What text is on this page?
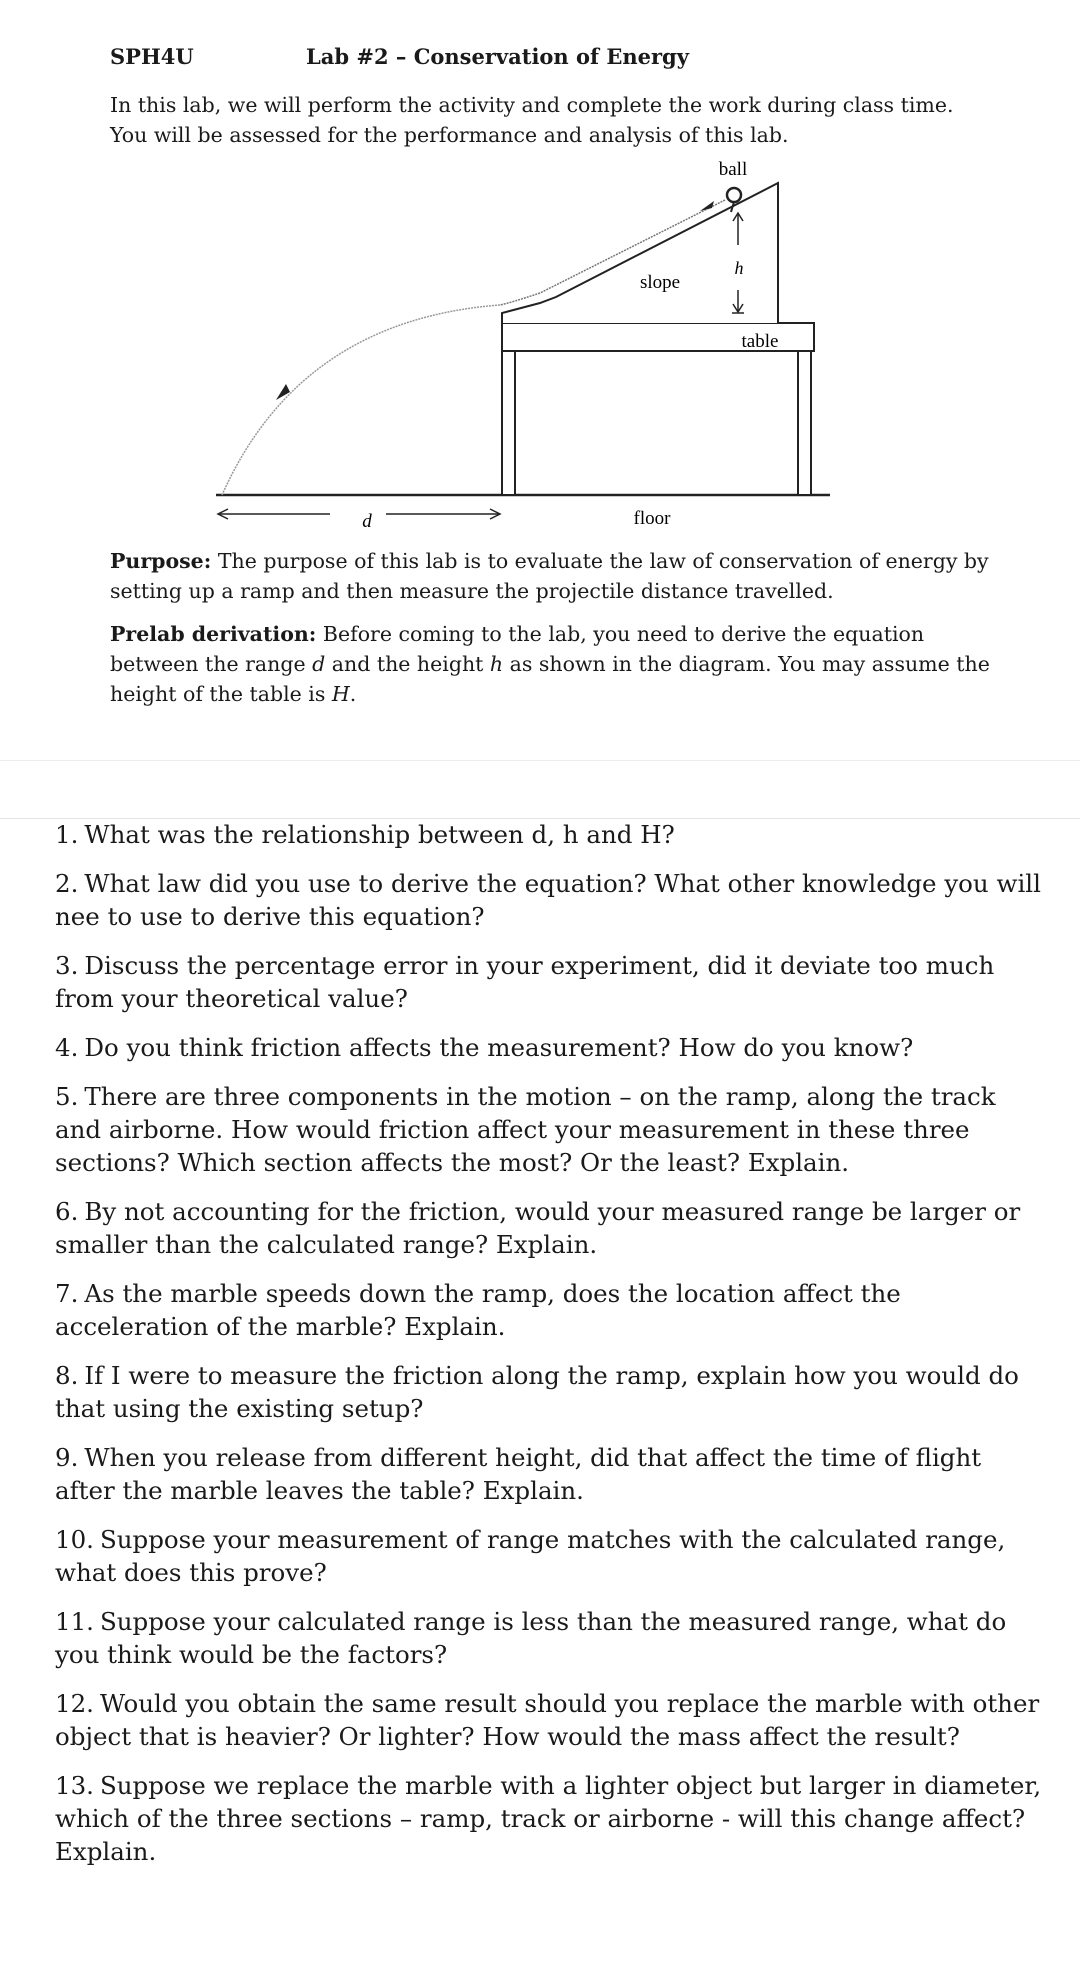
SPH4U	Lab #2 – Conservation of Energy

In this lab, we will perform the activity and complete the work during class time. You will be assessed for the performance and analysis of this lab.

ball
slope
h
table
d	floor

Purpose: The purpose of this lab is to evaluate the law of conservation of energy by setting up a ramp and then measure the projectile distance travelled.

Prelab derivation: Before coming to the lab, you need to derive the equation between the range d and the height h as shown in the diagram. You may assume the height of the table is H.

1. What was the relationship between d, h and H?

2. What law did you use to derive the equation? What other knowledge you will nee to use to derive this equation?

3. Discuss the percentage error in your experiment, did it deviate too much from your theoretical value?

4. Do you think friction affects the measurement? How do you know?

5. There are three components in the motion – on the ramp, along the track and airborne. How would friction affect your measurement in these three sections? Which section affects the most? Or the least? Explain.

6. By not accounting for the friction, would your measured range be larger or smaller than the calculated range? Explain.

7. As the marble speeds down the ramp, does the location affect the acceleration of the marble? Explain.

8. If I were to measure the friction along the ramp, explain how you would do that using the existing setup?

9. When you release from different height, did that affect the time of flight after the marble leaves the table? Explain.

10. Suppose your measurement of range matches with the calculated range, what does this prove?

11. Suppose your calculated range is less than the measured range, what do you think would be the factors?

12. Would you obtain the same result should you replace the marble with other object that is heavier? Or lighter? How would the mass affect the result?

13. Suppose we replace the marble with a lighter object but larger in diameter, which of the three sections – ramp, track or airborne - will this change affect? Explain.
